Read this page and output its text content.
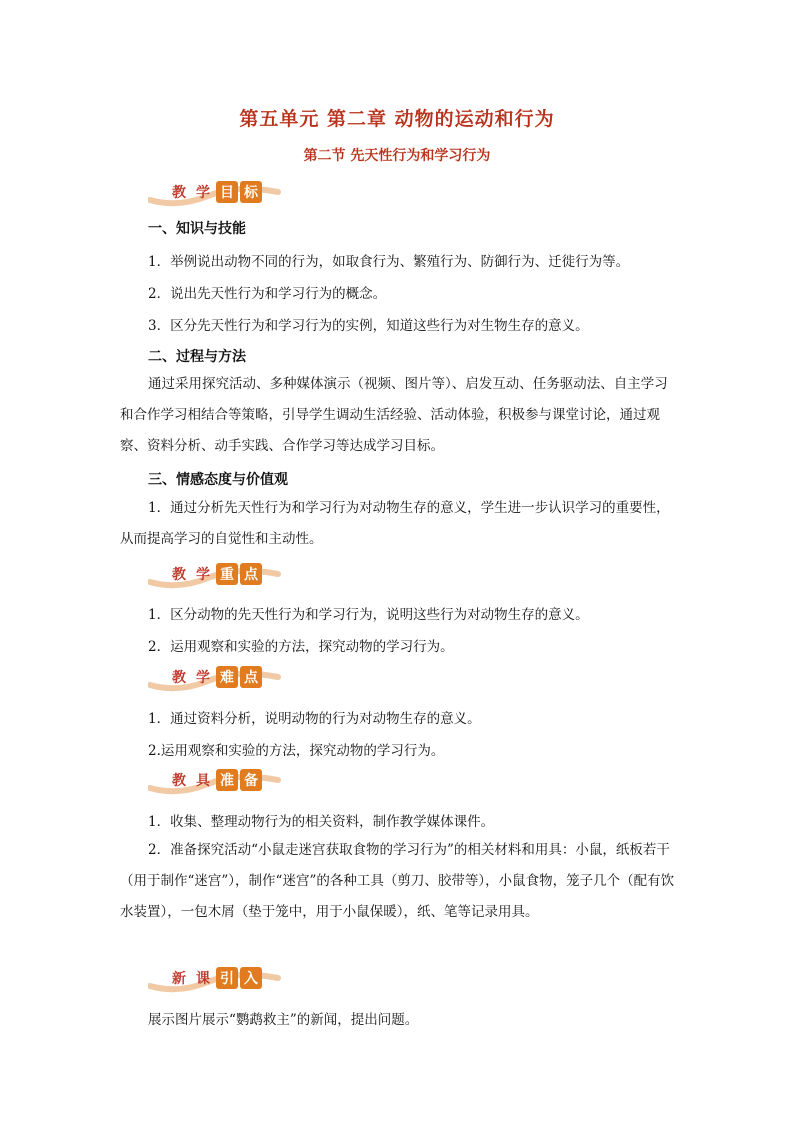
第五单元 第二章 动物的运动和行为
第二节 先天性行为和学习行为
教 学 目 标
一、知识与技能
1．举例说出动物不同的行为，如取食行为、繁殖行为、防御行为、迁徙行为等。
2．说出先天性行为和学习行为的概念。
3．区分先天性行为和学习行为的实例，知道这些行为对生物生存的意义。
二、过程与方法
通过采用探究活动、多种媒体演示（视频、图片等）、启发互动、任务驱动法、自主学习和合作学习相结合等策略，引导学生调动生活经验、活动体验，积极参与课堂讨论，通过观察、资料分析、动手实践、合作学习等达成学习目标。
三、情感态度与价值观
1．通过分析先天性行为和学习行为对动物生存的意义，学生进一步认识学习的重要性，从而提高学习的自觉性和主动性。
教 学 重 点
1．区分动物的先天性行为和学习行为，说明这些行为对动物生存的意义。
2．运用观察和实验的方法，探究动物的学习行为。
教 学 难 点
1．通过资料分析，说明动物的行为对动物生存的意义。
2.运用观察和实验的方法，探究动物的学习行为。
教 具 准 备
1．收集、整理动物行为的相关资料，制作教学媒体课件。
2．准备探究活动“小鼠走迷宫获取食物的学习行为”的相关材料和用具：小鼠，纸板若干（用于制作“迷宫”），制作“迷宫”的各种工具（剪刀、胶带等），小鼠食物，笼子几个（配有饮水装置），一包木屑（垫于笼中，用于小鼠保暖），纸、笔等记录用具。
新 课 引 入
展示图片展示“鹦鹉救主”的新闻，提出问题。
